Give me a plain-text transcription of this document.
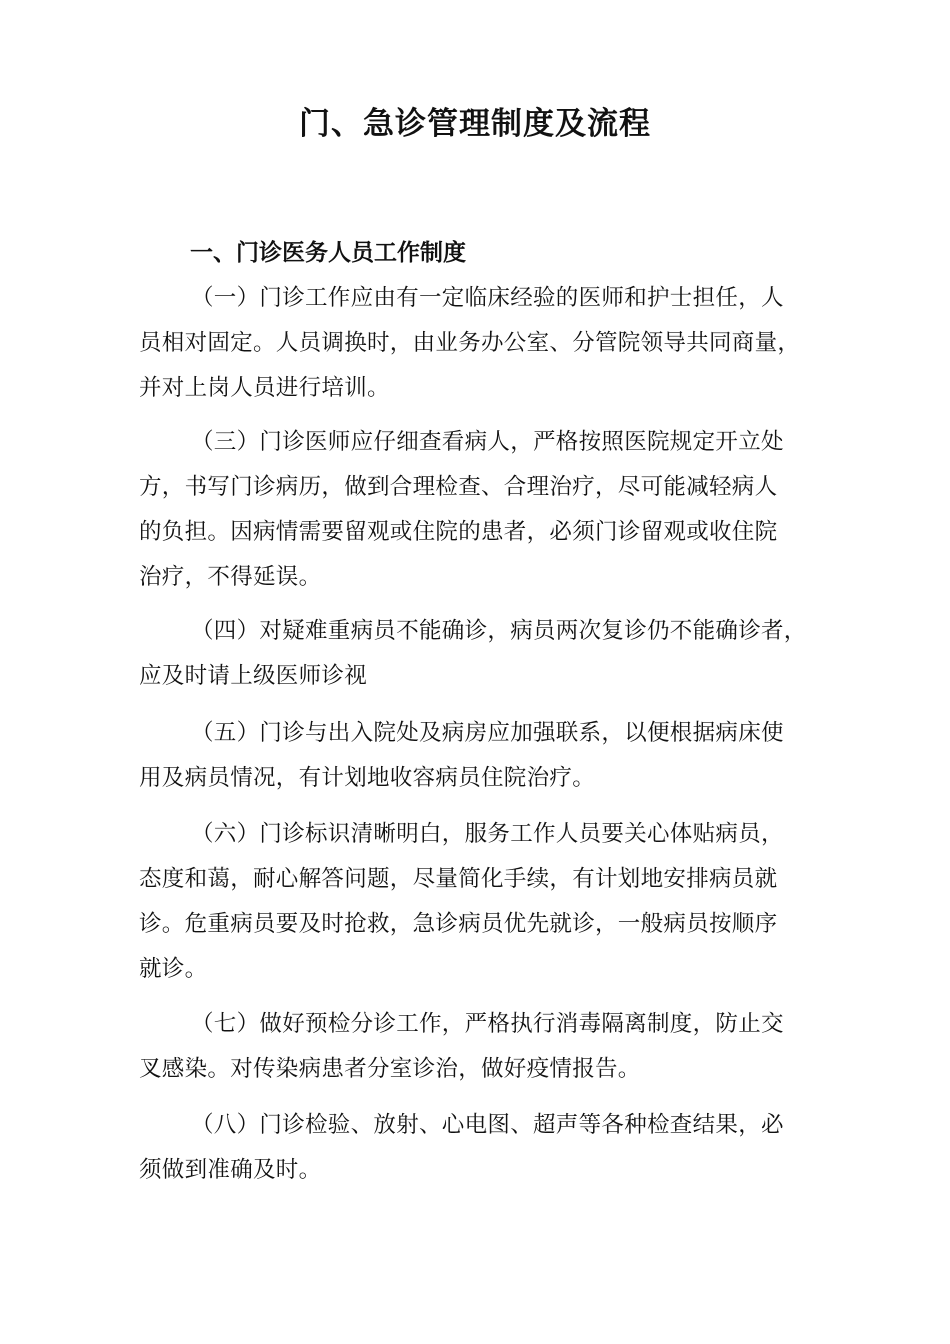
门、急诊管理制度及流程
一、门诊医务人员工作制度

（一）门诊工作应由有一定临床经验的医师和护士担任，人
员相对固定。人员调换时，由业务办公室、分管院领导共同商量，
并对上岗人员进行培训。

（三）门诊医师应仔细查看病人，严格按照医院规定开立处
方，书写门诊病历，做到合理检查、合理治疗，尽可能减轻病人
的负担。因病情需要留观或住院的患者，必须门诊留观或收住院
治疗，不得延误。

（四）对疑难重病员不能确诊，病员两次复诊仍不能确诊者，
应及时请上级医师诊视

（五）门诊与出入院处及病房应加强联系，以便根据病床使
用及病员情况，有计划地收容病员住院治疗。

（六）门诊标识清晰明白，服务工作人员要关心体贴病员，
态度和蔼，耐心解答问题，尽量简化手续，有计划地安排病员就
诊。危重病员要及时抢救，急诊病员优先就诊，一般病员按顺序
就诊。

（七）做好预检分诊工作，严格执行消毒隔离制度，防止交
叉感染。对传染病患者分室诊治，做好疫情报告。

（八）门诊检验、放射、心电图、超声等各种检查结果，必
须做到准确及时。
